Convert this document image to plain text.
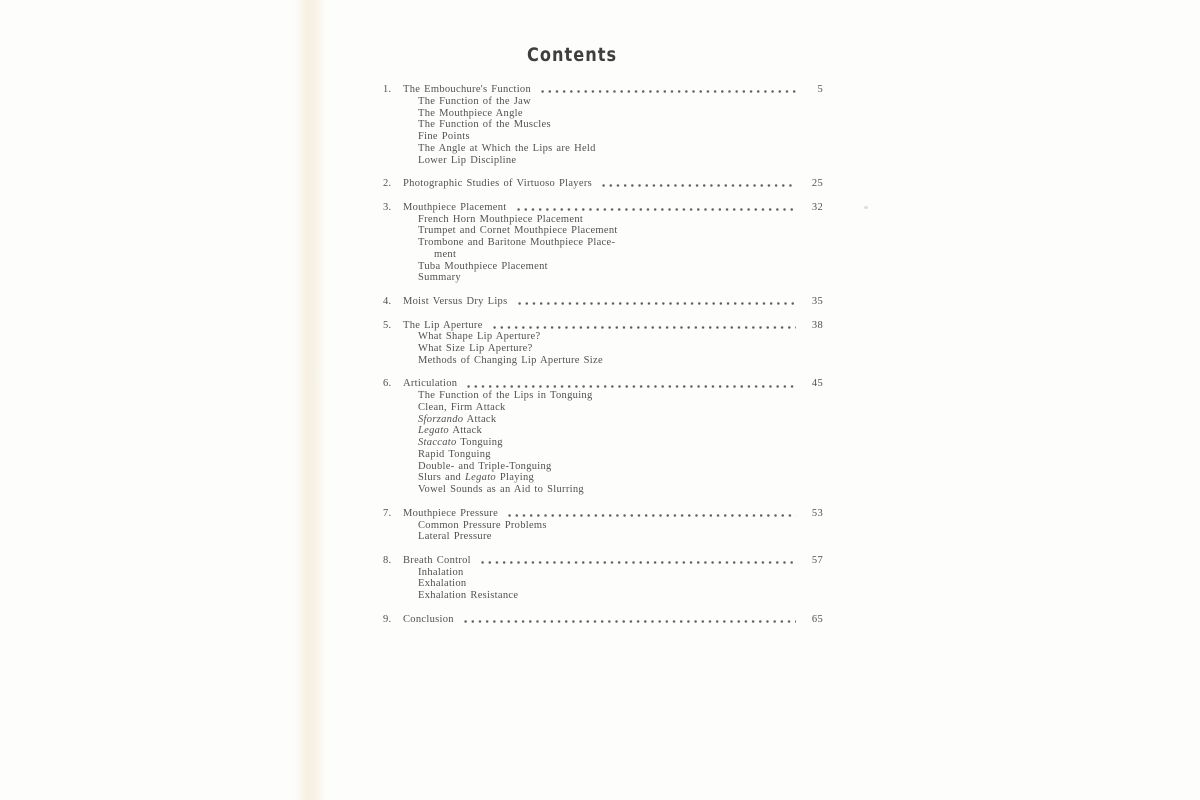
Contents
1.	The Embouchure's Function	5
The Function of the Jaw
The Mouthpiece Angle
The Function of the Muscles
Fine Points
The Angle at Which the Lips are Held
Lower Lip Discipline
2.	Photographic Studies of Virtuoso Players	25
3.	Mouthpiece Placement	32
French Horn Mouthpiece Placement
Trumpet and Cornet Mouthpiece Placement
Trombone and Baritone Mouthpiece Place-
ment
Tuba Mouthpiece Placement
Summary
4.	Moist Versus Dry Lips	35
5.	The Lip Aperture	38
What Shape Lip Aperture?
What Size Lip Aperture?
Methods of Changing Lip Aperture Size
6.	Articulation	45
The Function of the Lips in Tonguing
Clean, Firm Attack
Sforzando Attack
Legato Attack
Staccato Tonguing
Rapid Tonguing
Double- and Triple-Tonguing
Slurs and Legato Playing
Vowel Sounds as an Aid to Slurring
7.	Mouthpiece Pressure	53
Common Pressure Problems
Lateral Pressure
8.	Breath Control	57
Inhalation
Exhalation
Exhalation Resistance
9.	Conclusion	65
